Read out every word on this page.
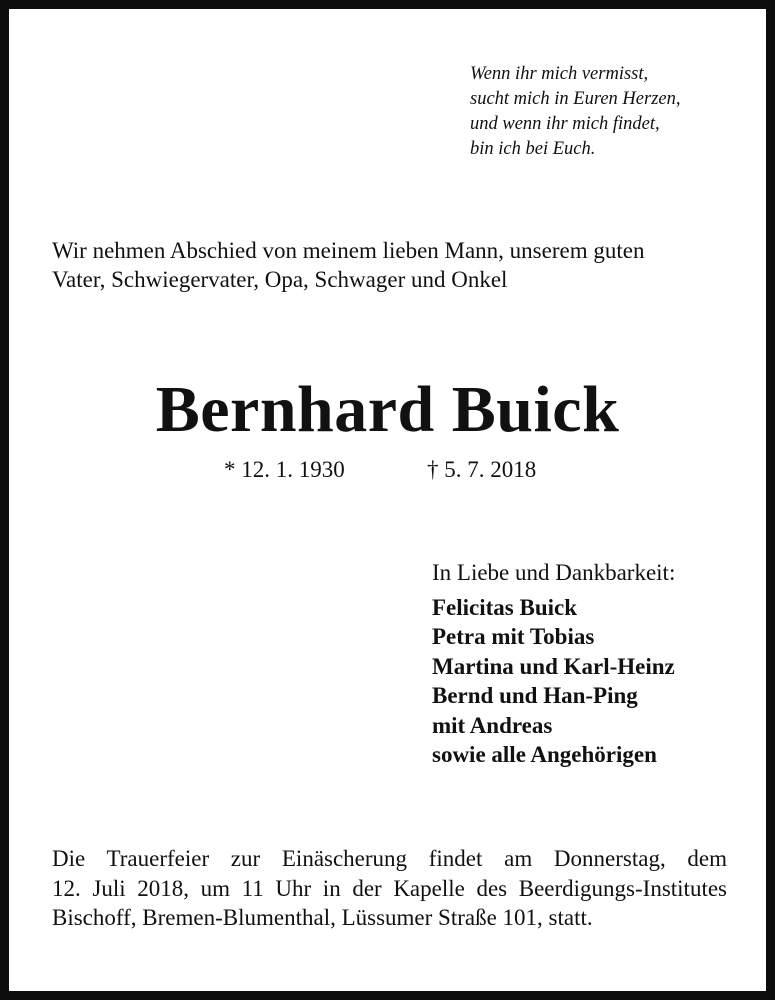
Wenn ihr mich vermisst,
sucht mich in Euren Herzen,
und wenn ihr mich findet,
bin ich bei Euch.
Wir nehmen Abschied von meinem lieben Mann, unserem guten
Vater, Schwiegervater, Opa, Schwager und Onkel
Bernhard Buick
* 12. 1. 1930	† 5. 7. 2018
In Liebe und Dankbarkeit:
Felicitas Buick
Petra mit Tobias
Martina und Karl-Heinz
Bernd und Han-Ping
mit Andreas
sowie alle Angehörigen
Die Trauerfeier zur Einäscherung findet am Donnerstag, dem
12. Juli 2018, um 11 Uhr in der Kapelle des Beerdigungs-Institutes
Bischoff, Bremen-Blumenthal, Lüssumer Straße 101, statt.
